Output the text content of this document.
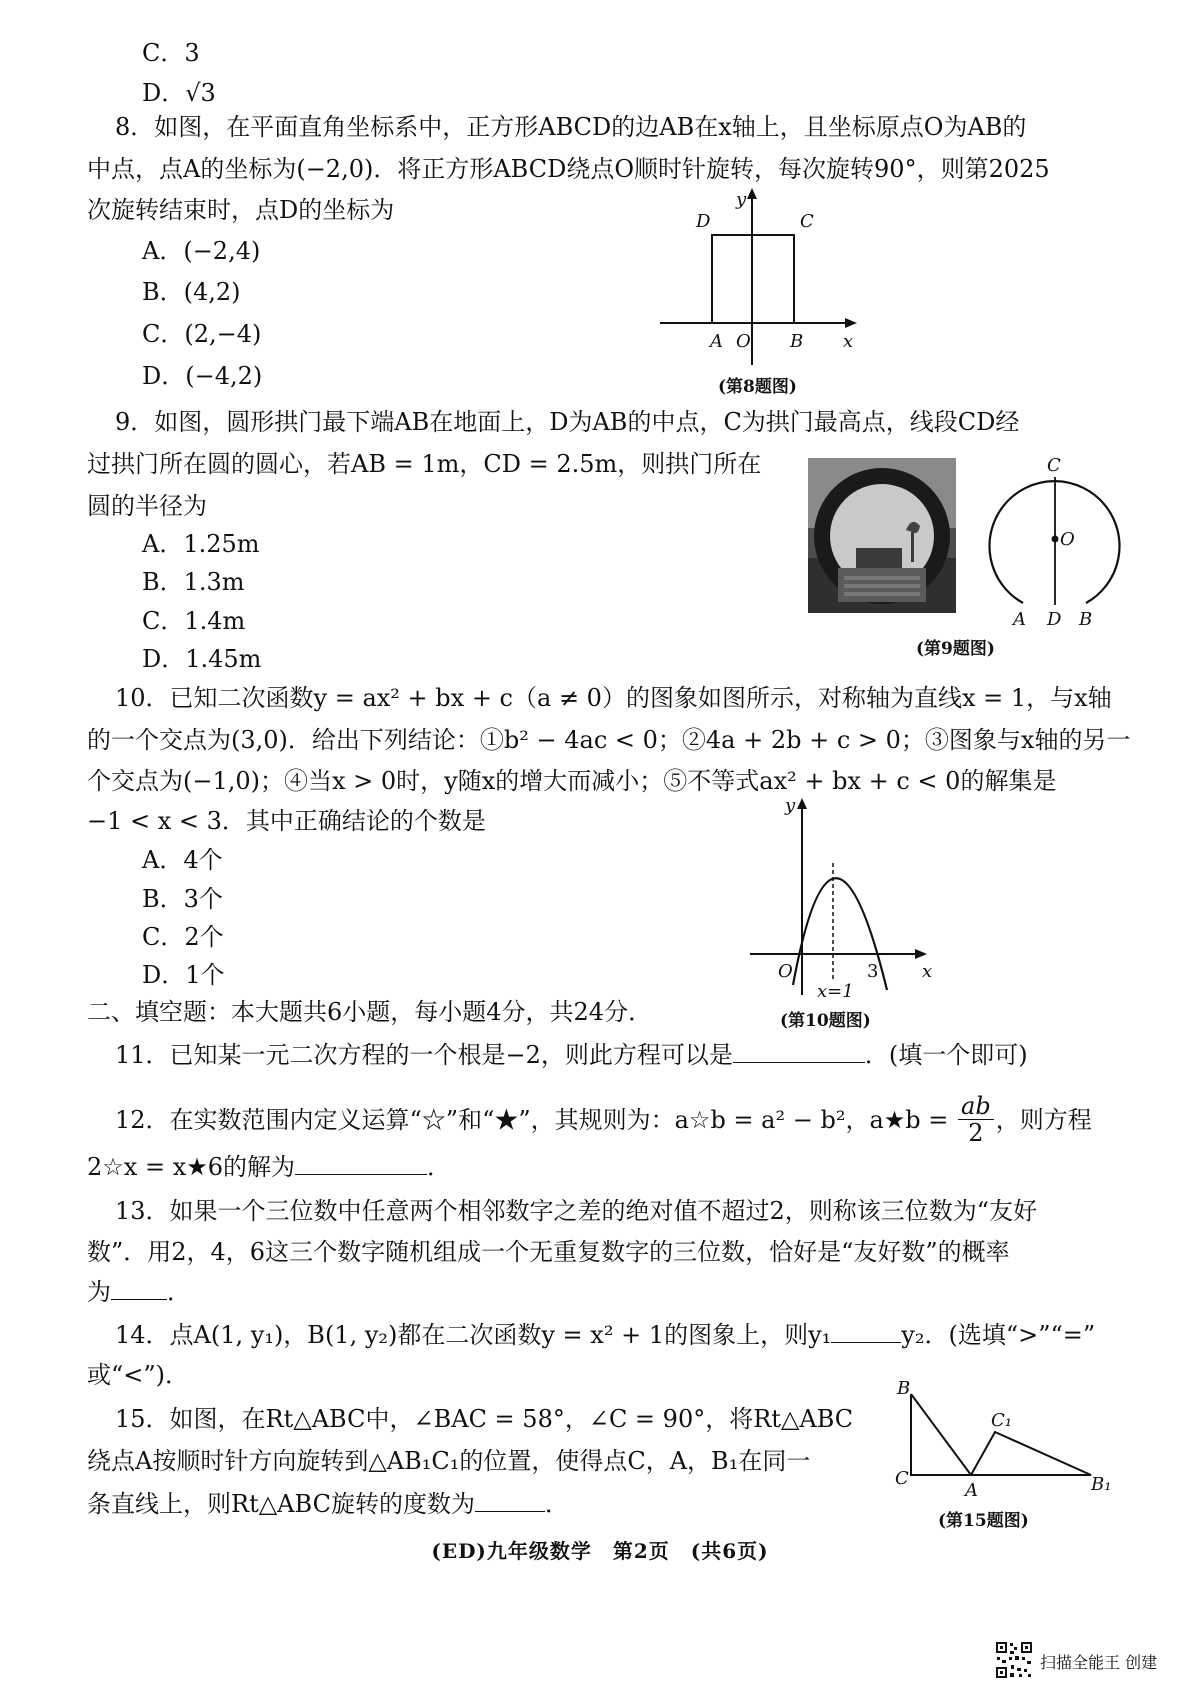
C．3
D．√3
8．如图，在平面直角坐标系中，正方形ABCD的边AB在x轴上，且坐标原点O为AB的
中点，点A的坐标为(−2,0)．将正方形ABCD绕点O顺时针旋转，每次旋转90°，则第2025
次旋转结束时，点D的坐标为
A．(−2,4)
B．(4,2)
C．(2,−4)
D．(−4,2)
y
D	C
A O B x
(第8题图)
9．如图，圆形拱门最下端AB在地面上，D为AB的中点，C为拱门最高点，线段CD经
过拱门所在圆的圆心，若AB = 1m，CD = 2.5m，则拱门所在
圆的半径为
A．1.25m
B．1.3m
C．1.4m
D．1.45m
C
O
A D B
(第9题图)
10．已知二次函数y = ax² + bx + c（a ≠ 0）的图象如图所示，对称轴为直线x = 1，与x轴
的一个交点为(3,0)．给出下列结论：①b² − 4ac < 0；②4a + 2b + c > 0；③图象与x轴的另一
个交点为(−1,0)；④当x > 0时，y随x的增大而减小；⑤不等式ax² + bx + c < 0的解集是
−1 < x < 3．其中正确结论的个数是
A．4个
B．3个
C．2个
D．1个
y
O	3 x
x=1
(第10题图)
二、填空题：本大题共6小题，每小题4分，共24分．
11．已知某一元二次方程的一个根是−2，则此方程可以是	．(填一个即可)
12．在实数范围内定义运算“☆”和“★”，其规则为：a☆b = a² − b²，a★b = $\frac{ab}{2}$ ，则方程
2☆x = x★6的解为	．
13．如果一个三位数中任意两个相邻数字之差的绝对值不超过2，则称该三位数为“友好
数”．用2，4，6这三个数字随机组成一个无重复数字的三位数，恰好是“友好数”的概率
为 ．
14．点A(1, y₁)，B(1, y₂)都在二次函数y = x² + 1的图象上，则y₁	y₂．(选填“>”“=”
或“<”)．
15．如图，在Rt△ABC中，∠BAC = 58°，∠C = 90°，将Rt△ABC
绕点A按顺时针方向旋转到△AB₁C₁的位置，使得点C，A，B₁在同一
条直线上，则Rt△ABC旋转的度数为	．
B
C₁
C
A	B₁
(第15题图)
(ED)九年级数学　第2页　(共6页)
扫描全能王 创建
